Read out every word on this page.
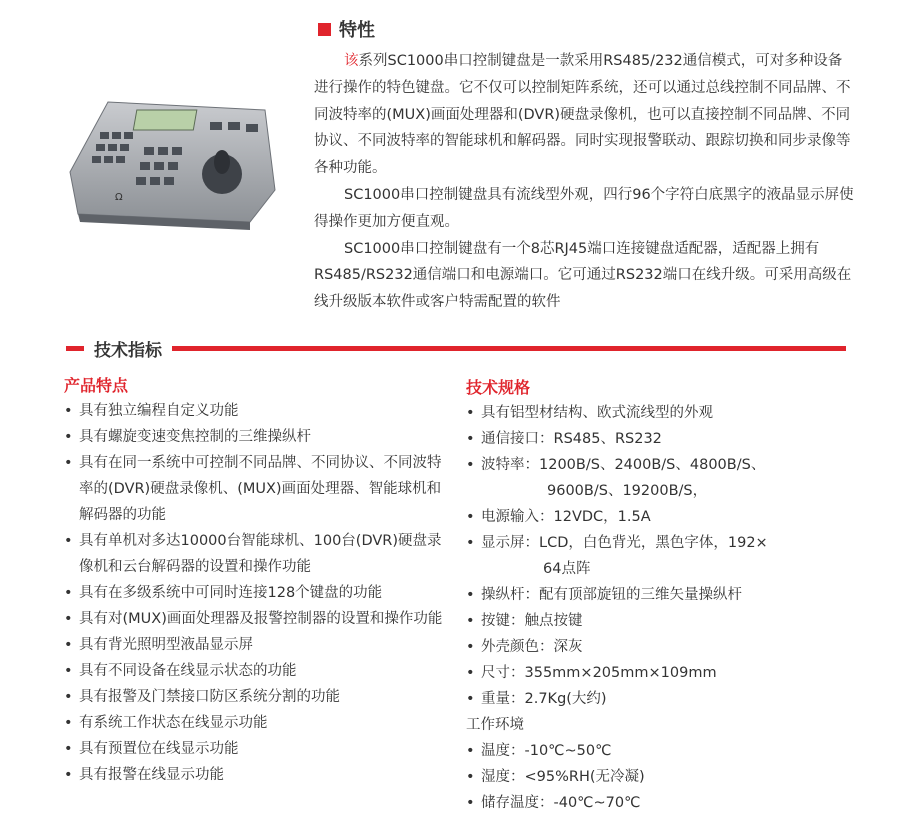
Ω
特性

该系列SC1000串口控制键盘是一款采用RS485/232通信模式，可对多种设备进行操作的特色键盘。它不仅可以控制矩阵系统，还可以通过总线控制不同品牌、不同波特率的(MUX)画面处理器和(DVR)硬盘录像机，也可以直接控制不同品牌、不同协议、不同波特率的智能球机和解码器。同时实现报警联动、跟踪切换和同步录像等各种功能。

SC1000串口控制键盘具有流线型外观，四行96个字符白底黑字的液晶显示屏使得操作更加方便直观。

SC1000串口控制键盘有一个8芯RJ45端口连接键盘适配器，适配器上拥有RS485/RS232通信端口和电源端口。它可通过RS232端口在线升级。可采用高级在线升级版本软件或客户特需配置的软件

技术指标
产品特点
• 具有独立编程自定义功能
• 具有螺旋变速变焦控制的三维操纵杆
• 具有在同一系统中可控制不同品牌、不同协议、不同波特率的(DVR)硬盘录像机、(MUX)画面处理器、智能球机和解码器的功能
• 具有单机对多达10000台智能球机、100台(DVR)硬盘录像机和云台解码器的设置和操作功能
• 具有在多级系统中可同时连接128个键盘的功能
• 具有对(MUX)画面处理器及报警控制器的设置和操作功能
• 具有背光照明型液晶显示屏
• 具有不同设备在线显示状态的功能
• 具有报警及门禁接口防区系统分割的功能
• 有系统工作状态在线显示功能
• 具有预置位在线显示功能
• 具有报警在线显示功能
技术规格
• 具有铝型材结构、欧式流线型的外观
• 通信接口：RS485、RS232
• 波特率：1200B/S、2400B/S、4800B/S、
9600B/S、19200B/S，
• 电源输入：12VDC，1.5A
• 显示屏：LCD，白色背光，黑色字体，192×
64点阵
• 操纵杆：配有顶部旋钮的三维矢量操纵杆
• 按键：触点按键
• 外壳颜色：深灰
• 尺寸：355mm×205mm×109mm
• 重量：2.7Kg(大约)
工作环境
• 温度：-10℃~50℃
• 湿度：<95%RH(无冷凝)
• 储存温度：-40℃~70℃
